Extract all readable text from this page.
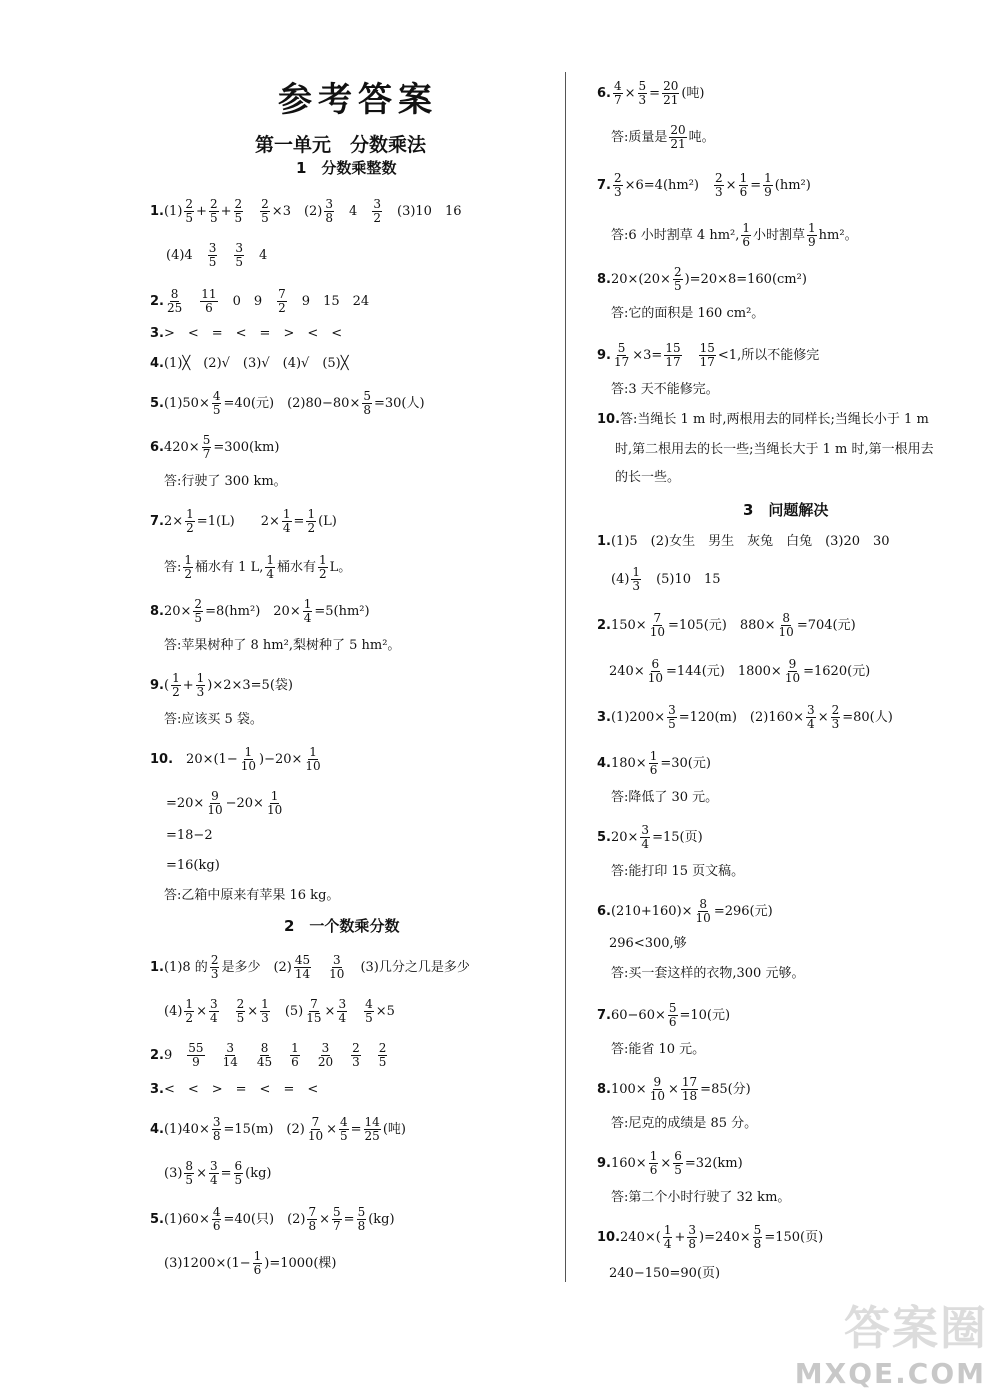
参考答案
第一单元　分数乘法
1　分数乘整数
$1.(1) \frac{2}{5} + \frac{2}{5} + \frac{2}{5}$
　 $\frac{2}{5} \times 3$　$(2) \frac{3}{8}$
　 4　 $\frac{3}{2}$
　 (3)10　16
(4)4　 $\frac{3}{5}$
　 $\frac{3}{5}$ 　4
2. $\frac{8}{25}$
　 $\frac{11}{6}$
　 0　9　 $\frac{7}{2}$
　 9　15　24
3.>　<　=　<　=　>　<　<
4.(1)╳　(2)√　(3)√　(4)√　(5)╳
$5.(1)50\times \frac{4}{5} =40$(元)　$(2)80-80\times \frac{5}{8} =30$(人)
$6.420\times \frac{5}{7} =300(km)$
答:行驶了 300 km。
$7.2\times \frac{1}{2} =1(L)$　　$2\times \frac{1}{4} = \frac{1}{2} (L)$
答: $\frac{1}{2}$ 桶水有 1 L, $\frac{1}{4}$ 桶水有 $\frac{1}{2}$ L。
$8.20\times \frac{2}{5} =8(hm^2)$　$20\times \frac{1}{4} =5(hm^2)$
答:苹果树种了 8 hm²,梨树种了 5 hm²。
$9.( \frac{1}{2} + \frac{1}{3} )\times 2\times 3=5$(袋)
答:应该买 5 袋。
10.　 $20\times(1- \frac{1}{10} )-20\times \frac{1}{10}$
$=20\times \frac{9}{10} -20\times \frac{1}{10}$
=18−2
=16(kg)
答:乙箱中原来有苹果 16 kg。
2　一个数乘分数
1.(1)8 的 $\frac{2}{3}$ 是多少　$(2) \frac{45}{14}$
　 $\frac{3}{10}$
　 (3)几分之几是多少
$(4) \frac{1}{2} \times \frac{3}{4}$
　 $\frac{2}{5} \times \frac{1}{3}$
　 $(5) \frac{7}{15} \times \frac{3}{4}$
　 $\frac{4}{5} \times 5$
2.9　 $\frac{55}{9}$
　 $\frac{3}{14}$
　 $\frac{8}{45}$
　 $\frac{1}{6}$
　 $\frac{3}{20}$
　 $\frac{2}{3}$
　 $\frac{2}{5}$
3.<　<　>　=　<　=　<
$4.(1)40\times \frac{3}{8} =15(m)$　$(2) \frac{7}{10} \times \frac{4}{5} = \frac{14}{25}$ (吨)
$(3) \frac{8}{5} \times \frac{3}{4} = \frac{6}{5} (kg)$
$5.(1)60\times \frac{4}{6} =40$(只)　$(2) \frac{7}{8} \times \frac{5}{7} = \frac{5}{8} (kg)$
$(3)1200\times(1- \frac{1}{6} )=1000$(棵)
6. $\frac{4}{7} \times \frac{5}{3} = \frac{20}{21}$ (吨)
答:质量是 $\frac{20}{21}$ 吨。
7. $\frac{2}{3} \times 6=4(hm^2)$　 $\frac{2}{3} \times \frac{1}{6} = \frac{1}{9} (hm^2)$
答:6 小时割草 4 hm², $\frac{1}{6}$ 小时割草 $\frac{1}{9} hm^2$。
$8.20\times(20\times \frac{2}{5} )=20\times 8=160(cm^2)$
答:它的面积是 160 cm²。
9. $\frac{5}{17} \times 3= \frac{15}{17}$
　 $\frac{15}{17} <1$,所以不能修完
答:3 天不能修完。
10.答:当绳长 1 m 时,两根用去的同样长;当绳长小于 1 m
时,第二根用去的长一些;当绳长大于 1 m 时,第一根用去
的长一些。
3　问题解决
1.(1)5　(2)女生　男生　灰兔　白兔　(3)20　30
$(4) \frac{1}{3}$
　 (5)10　15
$2.150\times \frac{7}{10} =105$(元)　$880\times \frac{8}{10} =704$(元)
$240\times \frac{6}{10} =144$(元)　$1800\times \frac{9}{10} =1620$(元)
$3.(1)200\times \frac{3}{5} =120(m)$　$(2)160\times \frac{3}{4} \times \frac{2}{3} =80$(人)
$4.180\times \frac{1}{6} =30$(元)
答:降低了 30 元。
$5.20\times \frac{3}{4} =15$(页)
答:能打印 15 页文稿。
$6.(210+160)\times \frac{8}{10} =296$(元)
296<300,够
答:买一套这样的衣物,300 元够。
$7.60-60\times \frac{5}{6} =10$(元)
答:能省 10 元。
$8.100\times \frac{9}{10} \times \frac{17}{18} =85$(分)
答:尼克的成绩是 85 分。
$9.160\times \frac{1}{6} \times \frac{6}{5} =32(km)$
答:第二个小时行驶了 32 km。
$10.240\times( \frac{1}{4} + \frac{3}{8} )=240\times \frac{5}{8} =150$(页)
240−150=90(页)
答案圈
MXQE.COM
